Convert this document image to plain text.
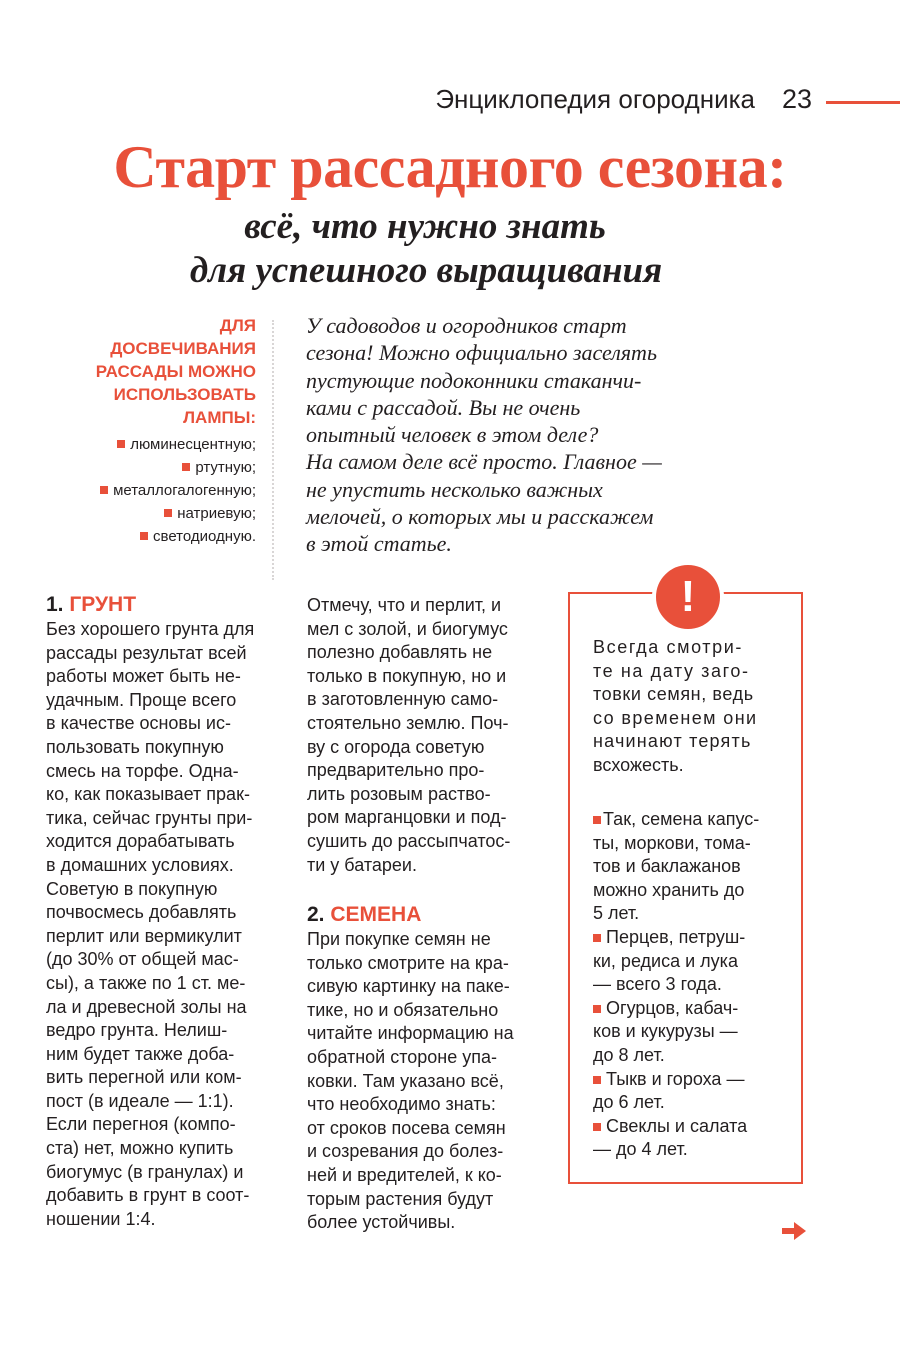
Энциклопедия огородника 23
Старт рассадного сезона:
всё, что нужно знать
для успешного выращивания
ДЛЯ
ДОСВЕЧИВАНИЯ
РАССАДЫ МОЖНО
ИСПОЛЬЗОВАТЬ
ЛАМПЫ:
люминесцентную;
ртутную;
металлогалогенную;
натриевую;
светодиодную.
У садоводов и огородников старт
сезона! Можно официально заселять
пустующие подоконники стаканчи-
ками с рассадой. Вы не очень
опытный человек в этом деле?
На самом деле всё просто. Главное —
не упустить несколько важных
мелочей, о которых мы и расскажем
в этой статье.
1. ГРУНТ
Без хорошего грунта для
рассады результат всей
работы может быть не-
удачным. Проще всего
в качестве основы ис-
пользовать покупную
смесь на торфе. Одна-
ко, как показывает прак-
тика, сейчас грунты при-
ходится дорабатывать
в домашних условиях.
Советую в покупную
почвосмесь добавлять
перлит или вермикулит
(до 30% от общей мас-
сы), а также по 1 ст. ме-
ла и древесной золы на
ведро грунта. Нелиш-
ним будет также доба-
вить перегной или ком-
пост (в идеале — 1:1).
Если перегноя (компо-
ста) нет, можно купить
биогумус (в гранулах) и
добавить в грунт в соот-
ношении 1:4.
Отмечу, что и перлит, и
мел с золой, и биогумус
полезно добавлять не
только в покупную, но и
в заготовленную само-
стоятельно землю. Поч-
ву с огорода советую
предварительно про-
лить розовым раство-
ром марганцовки и под-
сушить до рассыпчатос-
ти у батареи.
2. СЕМЕНА
При покупке семян не
только смотрите на кра-
сивую картинку на паке-
тике, но и обязательно
читайте информацию на
обратной стороне упа-
ковки. Там указано всё,
что необходимо знать:
от сроков посева семян
и созревания до болез-
ней и вредителей, к ко-
торым растения будут
более устойчивы.
!
Всегда смотри-
те на дату заго-
товки семян, ведь
со временем они
начинают терять
всхожесть.
Так, семена капус-
ты, моркови, тома-
тов и баклажанов
можно хранить до
5 лет.
Перцев, петруш-
ки, редиса и лука
— всего 3 года.
Огурцов, кабач-
ков и кукурузы —
до 8 лет.
Тыкв и гороха —
до 6 лет.
Свеклы и салата
— до 4 лет.
